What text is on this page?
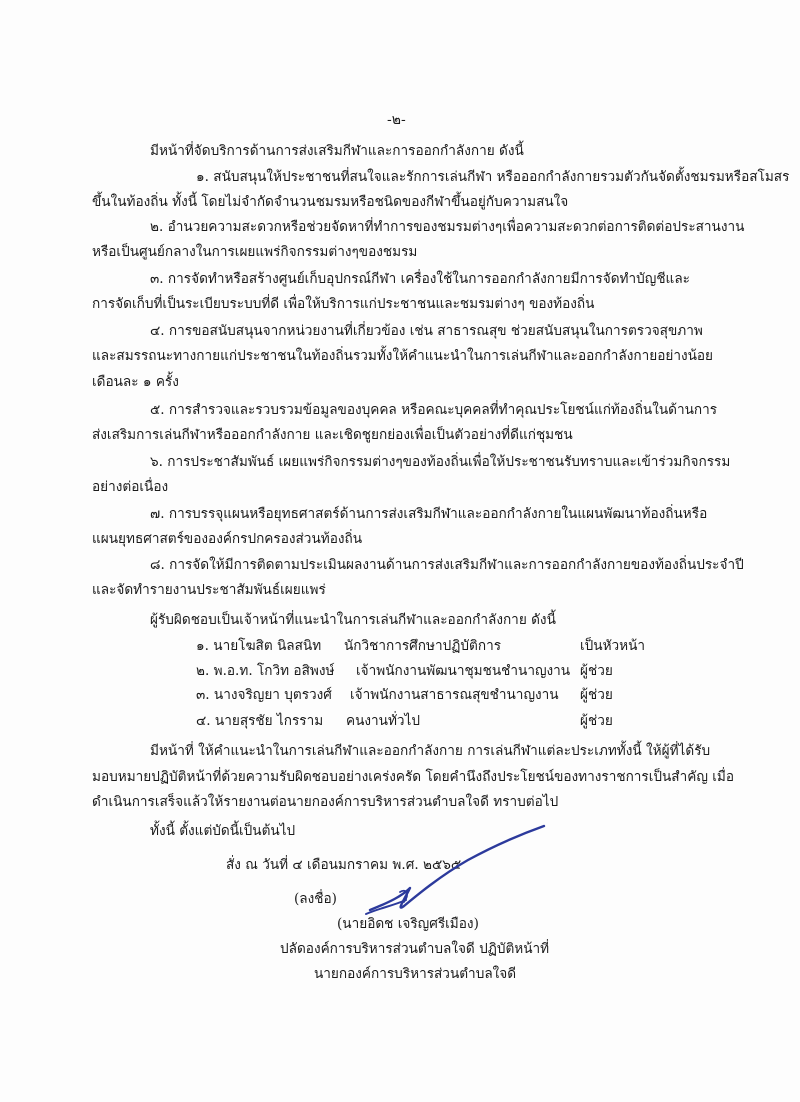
-๒-
มีหน้าที่จัดบริการด้านการส่งเสริมกีฬาและการออกกำลังกาย ดังนี้
๑. สนับสนุนให้ประชาชนที่สนใจและรักการเล่นกีฬา หรือออกกำลังกายรวมตัวกันจัดตั้งชมรมหรือสโมสร
ขึ้นในท้องถิ่น ทั้งนี้ โดยไม่จำกัดจำนวนชมรมหรือชนิดของกีฬาขึ้นอยู่กับความสนใจ
๒. อำนวยความสะดวกหรือช่วยจัดหาที่ทำการของชมรมต่างๆเพื่อความสะดวกต่อการติดต่อประสานงาน
หรือเป็นศูนย์กลางในการเผยแพร่กิจกรรมต่างๆของชมรม
๓. การจัดทำหรือสร้างศูนย์เก็บอุปกรณ์กีฬา เครื่องใช้ในการออกกำลังกายมีการจัดทำบัญชีและ
การจัดเก็บที่เป็นระเบียบระบบที่ดี เพื่อให้บริการแก่ประชาชนและชมรมต่างๆ ของท้องถิ่น
๔. การขอสนับสนุนจากหน่วยงานที่เกี่ยวข้อง เช่น สาธารณสุข ช่วยสนับสนุนในการตรวจสุขภาพ
และสมรรถนะทางกายแก่ประชาชนในท้องถิ่นรวมทั้งให้คำแนะนำในการเล่นกีฬาและออกกำลังกายอย่างน้อย
เดือนละ ๑ ครั้ง
๕. การสำรวจและรวบรวมข้อมูลของบุคคล หรือคณะบุคคลที่ทำคุณประโยชน์แก่ท้องถิ่นในด้านการ
ส่งเสริมการเล่นกีฬาหรือออกกำลังกาย และเชิดชูยกย่องเพื่อเป็นตัวอย่างที่ดีแก่ชุมชน
๖. การประชาสัมพันธ์ เผยแพร่กิจกรรมต่างๆของท้องถิ่นเพื่อให้ประชาชนรับทราบและเข้าร่วมกิจกรรม
อย่างต่อเนื่อง
๗. การบรรจุแผนหรือยุทธศาสตร์ด้านการส่งเสริมกีฬาและออกกำลังกายในแผนพัฒนาท้องถิ่นหรือ
แผนยุทธศาสตร์ขององค์กรปกครองส่วนท้องถิ่น
๘. การจัดให้มีการติดตามประเมินผลงานด้านการส่งเสริมกีฬาและการออกกำลังกายของท้องถิ่นประจำปี
และจัดทำรายงานประชาสัมพันธ์เผยแพร่
ผู้รับผิดชอบเป็นเจ้าหน้าที่แนะนำในการเล่นกีฬาและออกกำลังกาย ดังนี้
๑. นายโฆสิต นิลสนิท นักวิชาการศึกษาปฏิบัติการ	เป็นหัวหน้า
๒. พ.อ.ท. โกวิท อสิพงษ์ เจ้าพนักงานพัฒนาชุมชนชำนาญงาน ผู้ช่วย
๓. นางจริญยา บุตรวงศ์ เจ้าพนักงานสาธารณสุขชำนาญงาน ผู้ช่วย
๔. นายสุรชัย ไกรราม คนงานทั่วไป	ผู้ช่วย
มีหน้าที่ ให้คำแนะนำในการเล่นกีฬาและออกกำลังกาย การเล่นกีฬาแต่ละประเภททั้งนี้ ให้ผู้ที่ได้รับ
มอบหมายปฏิบัติหน้าที่ด้วยความรับผิดชอบอย่างเคร่งครัด โดยคำนึงถึงประโยชน์ของทางราชการเป็นสำคัญ เมื่อ
ดำเนินการเสร็จแล้วให้รายงานต่อนายกองค์การบริหารส่วนตำบลใจดี ทราบต่อไป
ทั้งนี้ ตั้งแต่บัดนี้เป็นต้นไป
สั่ง ณ วันที่ ๔ เดือนมกราคม พ.ศ. ๒๕๖๕
(ลงชื่อ)
(นายอิดช เจริญศรีเมือง)
ปลัดองค์การบริหารส่วนตำบลใจดี ปฏิบัติหน้าที่
นายกองค์การบริหารส่วนตำบลใจดี
